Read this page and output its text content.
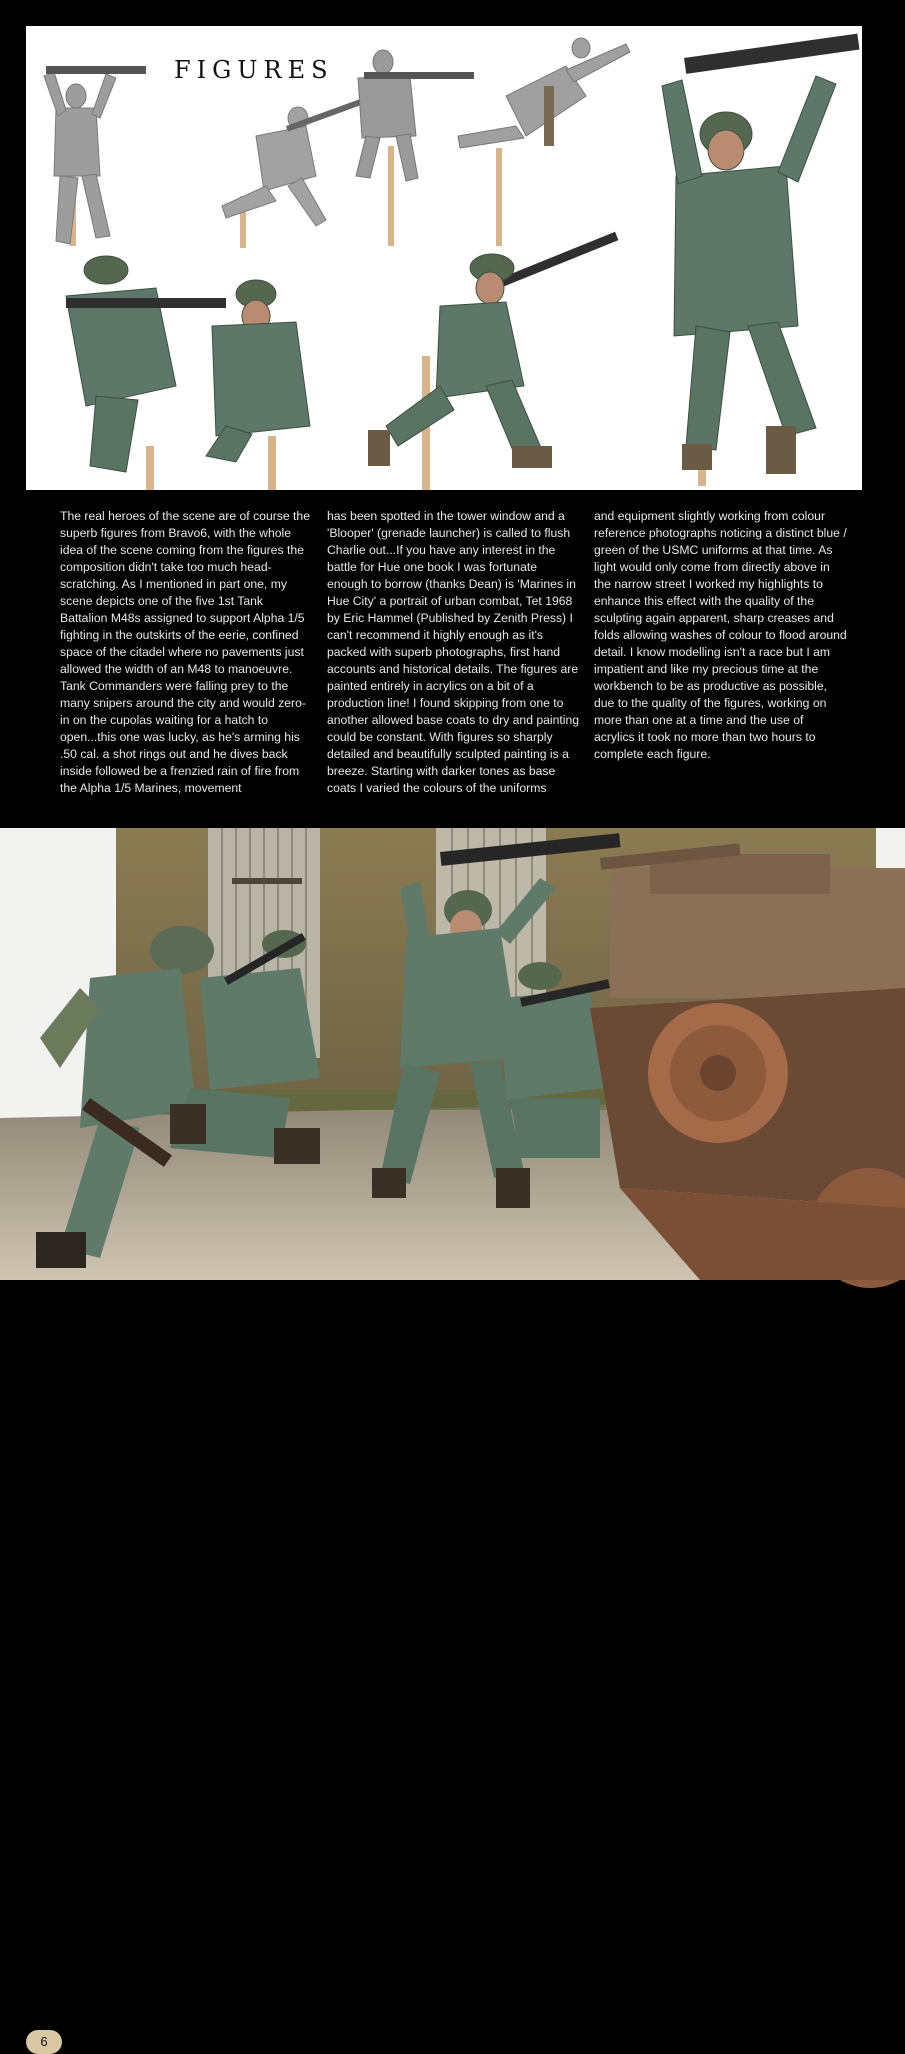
FIGURES

The real heroes of the scene are of course the superb figures from Bravo6, with the whole idea of the scene coming from the figures the composition didn't take too much head-scratching. As I mentioned in part one, my scene depicts one of the five 1st Tank Battalion M48s assigned to support Alpha 1/5 fighting in the outskirts of the eerie, confined space of the citadel where no pavements just allowed the width of an M48 to manoeuvre. Tank Commanders were falling prey to the many snipers around the city and would zero-in on the cupolas waiting for a hatch to open...this one was lucky, as he's arming his .50 cal. a shot rings out and he dives back inside followed be a frenzied rain of fire from the Alpha 1/5 Marines, movement

has been spotted in the tower window and a 'Blooper' (grenade launcher) is called to flush Charlie out...If you have any interest in the battle for Hue one book I was fortunate enough to borrow (thanks Dean) is 'Marines in Hue City' a portrait of urban combat, Tet 1968 by Eric Hammel (Published by Zenith Press) I can't recommend it highly enough as it's packed with superb photographs, first hand accounts and historical details. The figures are painted entirely in acrylics on a bit of a production line! I found skipping from one to another allowed base coats to dry and painting could be constant. With figures so sharply detailed and beautifully sculpted painting is a breeze. Starting with darker tones as base coats I varied the colours of the uniforms

and equipment slightly working from colour reference photographs noticing a distinct blue / green of the USMC uniforms at that time. As light would only come from directly above in the narrow street I worked my highlights to enhance this effect with the quality of the sculpting again apparent, sharp creases and folds allowing washes of colour to flood around detail. I know modelling isn't a race but I am impatient and like my precious time at the workbench to be as productive as possible, due to the quality of the figures, working on more than one at a time and the use of acrylics it took no more than two hours to complete each figure.

6
